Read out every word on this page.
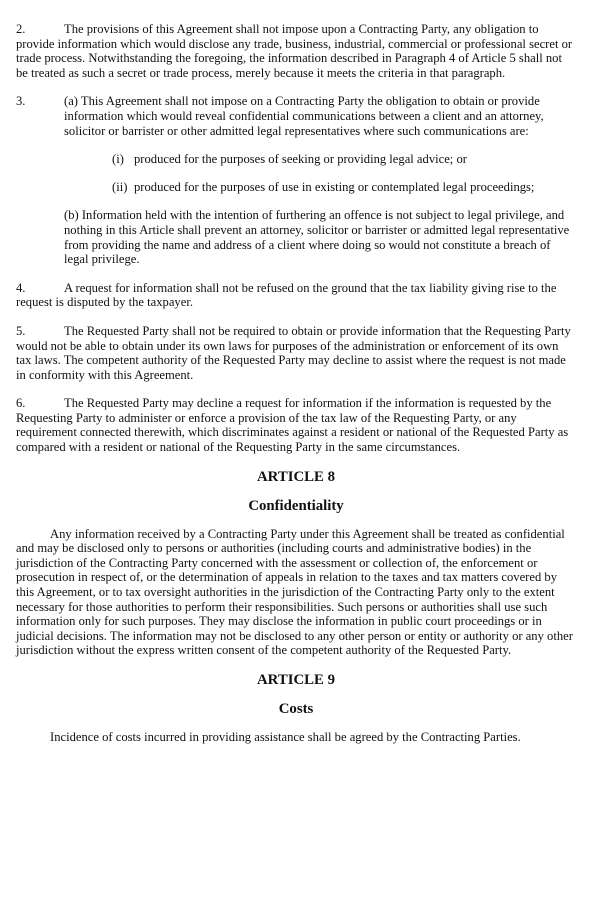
2.	The provisions of this Agreement shall not impose upon a Contracting Party, any obligation to provide information which would disclose any trade, business, industrial, commercial or professional secret or trade process. Notwithstanding the foregoing, the information described in Paragraph 4 of Article 5 shall not be treated as such a secret or trade process, merely because it meets the criteria in that paragraph.

3.	(a) This Agreement shall not impose on a Contracting Party the obligation to obtain or provide information which would reveal confidential communications between a client and an attorney, solicitor or barrister or other admitted legal representatives where such communications are:

(i) produced for the purposes of seeking or providing legal advice; or
(ii) produced for the purposes of use in existing or contemplated legal proceedings;

(b) Information held with the intention of furthering an offence is not subject to legal privilege, and nothing in this Article shall prevent an attorney, solicitor or barrister or admitted legal representative from providing the name and address of a client where doing so would not constitute a breach of legal privilege.

4.	A request for information shall not be refused on the ground that the tax liability giving rise to the request is disputed by the taxpayer.

5.	The Requested Party shall not be required to obtain or provide information that the Requesting Party would not be able to obtain under its own laws for purposes of the administration or enforcement of its own tax laws. The competent authority of the Requested Party may decline to assist where the request is not made in conformity with this Agreement.

6.	The Requested Party may decline a request for information if the information is requested by the Requesting Party to administer or enforce a provision of the tax law of the Requesting Party, or any requirement connected therewith, which discriminates against a resident or national of the Requested Party as compared with a resident or national of the Requesting Party in the same circumstances.

ARTICLE 8
Confidentiality

Any information received by a Contracting Party under this Agreement shall be treated as confidential and may be disclosed only to persons or authorities (including courts and administrative bodies) in the jurisdiction of the Contracting Party concerned with the assessment or collection of, the enforcement or prosecution in respect of, or the determination of appeals in relation to the taxes and tax matters covered by this Agreement, or to tax oversight authorities in the jurisdiction of the Contracting Party only to the extent necessary for those authorities to perform their responsibilities. Such persons or authorities shall use such information only for such purposes. They may disclose the information in public court proceedings or in judicial decisions. The information may not be disclosed to any other person or entity or authority or any other jurisdiction without the express written consent of the competent authority of the Requested Party.

ARTICLE 9
Costs

Incidence of costs incurred in providing assistance shall be agreed by the Contracting Parties.
